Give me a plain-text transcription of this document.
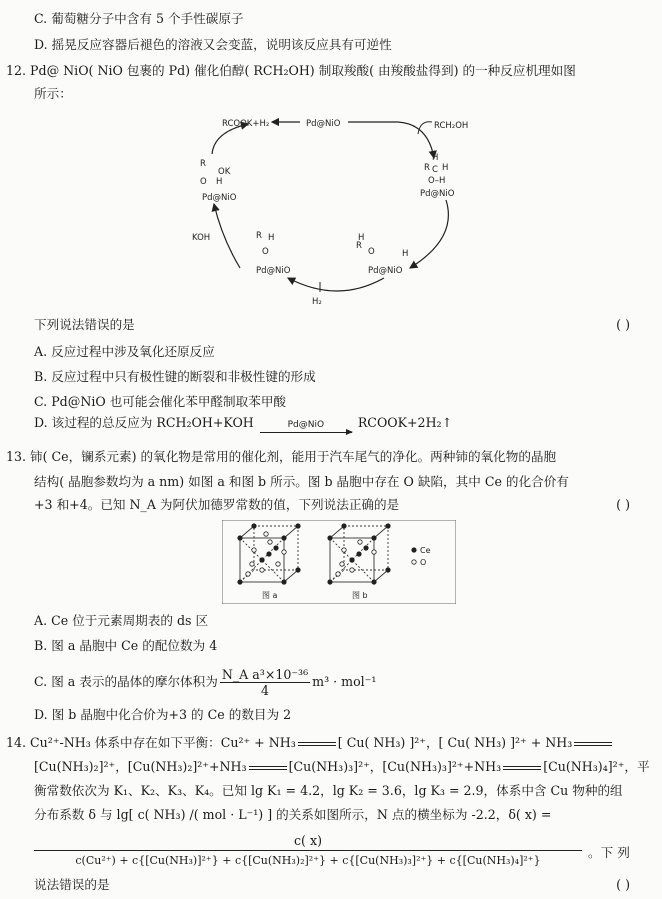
C. 葡萄糖分子中含有 5 个手性碳原子
D. 摇晃反应容器后褪色的溶液又会变蓝，说明该反应具有可逆性
12. Pd@ NiO( NiO 包裹的 Pd) 催化伯醇( RCH₂OH) 制取羧酸( 由羧酸盐得到) 的一种反应机理如图
所示：
RCOOK+H₂	Pd@NiO	RCH₂OH
H
R C H
O–H
Pd@NiO
H
R
O	H
Pd@NiO
H₂
R H
O
Pd@NiO
KOH
R
OK
O H
Pd@NiO
下列说法错误的是	( )
A. 反应过程中涉及氧化还原反应
B. 反应过程中只有极性键的断裂和非极性键的形成
C. Pd@NiO 也可能会催化苯甲醛制取苯甲酸
D. 该过程的总反应为 RCH₂OH+KOH	Pd@NiO	RCOOK+2H₂↑
13. 铈( Ce，镧系元素) 的氧化物是常用的催化剂，能用于汽车尾气的净化。两种铈的氧化物的晶胞
结构( 晶胞参数均为 a nm) 如图 a 和图 b 所示。图 b 晶胞中存在 O 缺陷，其中 Ce 的化合价有
+3 和+4。已知 N_A 为阿伏加德罗常数的值，下列说法正确的是	( )
图 a	图 b
Ce
O
A. Ce 位于元素周期表的 ds 区
B. 图 a 晶胞中 Ce 的配位数为 4
C. 图 a 表示的晶体的摩尔体积为 $\frac{\text{N\_A a³×10⁻³⁶}}{4} m^3 \cdot mol^{-1}$
D. 图 b 晶胞中化合价为+3 的 Ce 的数目为 2
14. Cu²⁺-NH₃ 体系中存在如下平衡：Cu²⁺ + NH₃	[ Cu( NH₃) ]²⁺，[ Cu( NH₃) ]²⁺ + NH₃
[Cu(NH₃)₂]²⁺，[Cu(NH₃)₂]²⁺+NH₃	[Cu(NH₃)₃]²⁺，[Cu(NH₃)₃]²⁺+NH₃	[Cu(NH₃)₄]²⁺，平
衡常数依次为 K₁、K₂、K₃、K₄。已知 lg K₁ = 4.2，lg K₂ = 3.6，lg K₃ = 2.9，体系中含 Cu 物种的组
分布系数 δ 与 lg[ c( NH₃) /( mol · L⁻¹) ] 的关系如图所示，N 点的横坐标为 -2.2，δ( x) =
c( x)
c(Cu²⁺) + c{[Cu(NH₃)]²⁺} + c{[Cu(NH₃)₂]²⁺} + c{[Cu(NH₃)₃]²⁺} + c{[Cu(NH₃)₄]²⁺}
。下 列
说法错误的是	( )
